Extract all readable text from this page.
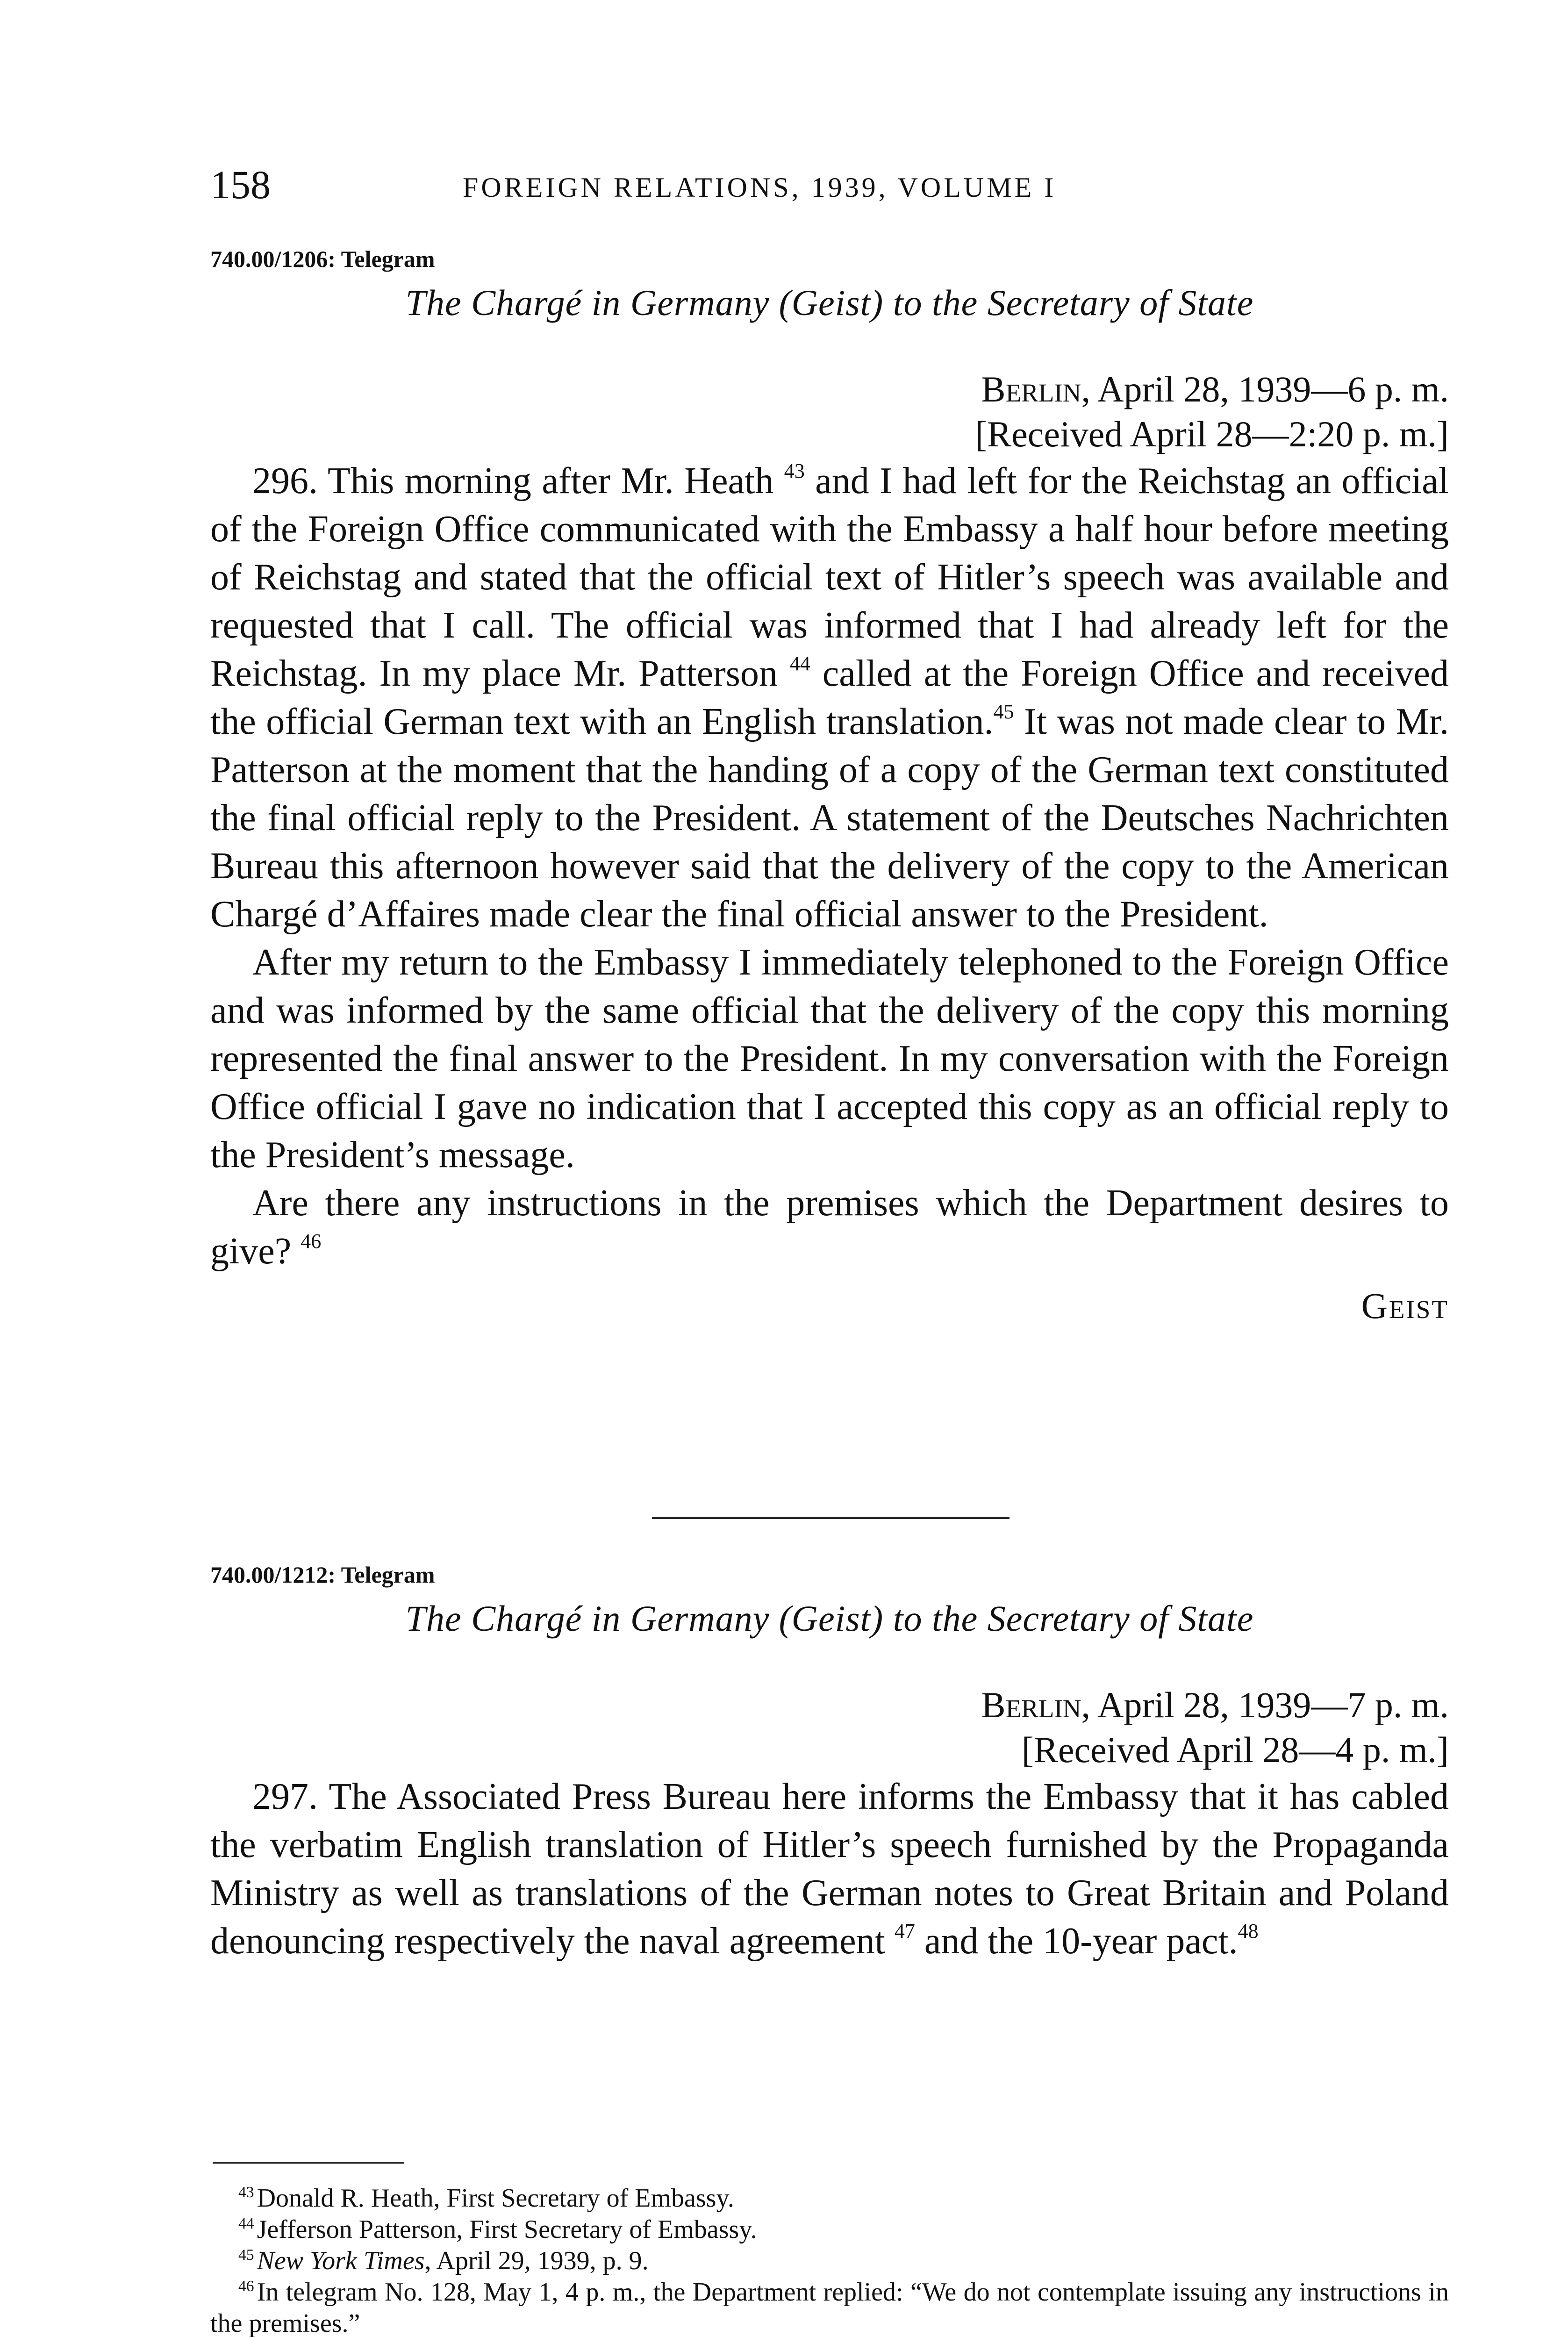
158	FOREIGN RELATIONS, 1939, VOLUME I
740.00/1206: Telegram
The Chargé in Germany (Geist) to the Secretary of State
Berlin, April 28, 1939—6 p. m.
[Received April 28—2:20 p. m.]

296. This morning after Mr. Heath $^{43}$ and I had left for the Reichstag an official of the Foreign Office communicated with the Embassy a half hour before meeting of Reichstag and stated that the official text of Hitler’s speech was available and requested that I call. The official was informed that I had already left for the Reichstag. In my place Mr. Patterson $^{44}$ called at the Foreign Office and received the official German text with an English translation.$^{45}$ It was not made clear to Mr. Patterson at the moment that the handing of a copy of the German text constituted the final official reply to the President. A statement of the Deutsches Nachrichten Bureau this afternoon however said that the delivery of the copy to the American Chargé d’Affaires made clear the final official answer to the President.

After my return to the Embassy I immediately telephoned to the Foreign Office and was informed by the same official that the delivery of the copy this morning represented the final answer to the President. In my conversation with the Foreign Office official I gave no indication that I accepted this copy as an official reply to the President’s message.

Are there any instructions in the premises which the Department desires to give? $^{46}$

Geist
740.00/1212: Telegram
The Chargé in Germany (Geist) to the Secretary of State
Berlin, April 28, 1939—7 p. m.
[Received April 28—4 p. m.]

297. The Associated Press Bureau here informs the Embassy that it has cabled the verbatim English translation of Hitler’s speech furnished by the Propaganda Ministry as well as translations of the German notes to Great Britain and Poland denouncing respectively the naval agreement $^{47}$ and the 10-year pact.$^{48}$

$^{43}$ Donald R. Heath, First Secretary of Embassy.
$^{44}$ Jefferson Patterson, First Secretary of Embassy.
$^{45}$ New York Times, April 29, 1939, p. 9.
$^{46}$ In telegram No. 128, May 1, 4 p. m., the Department replied: “We do not contemplate issuing any instructions in the premises.”
